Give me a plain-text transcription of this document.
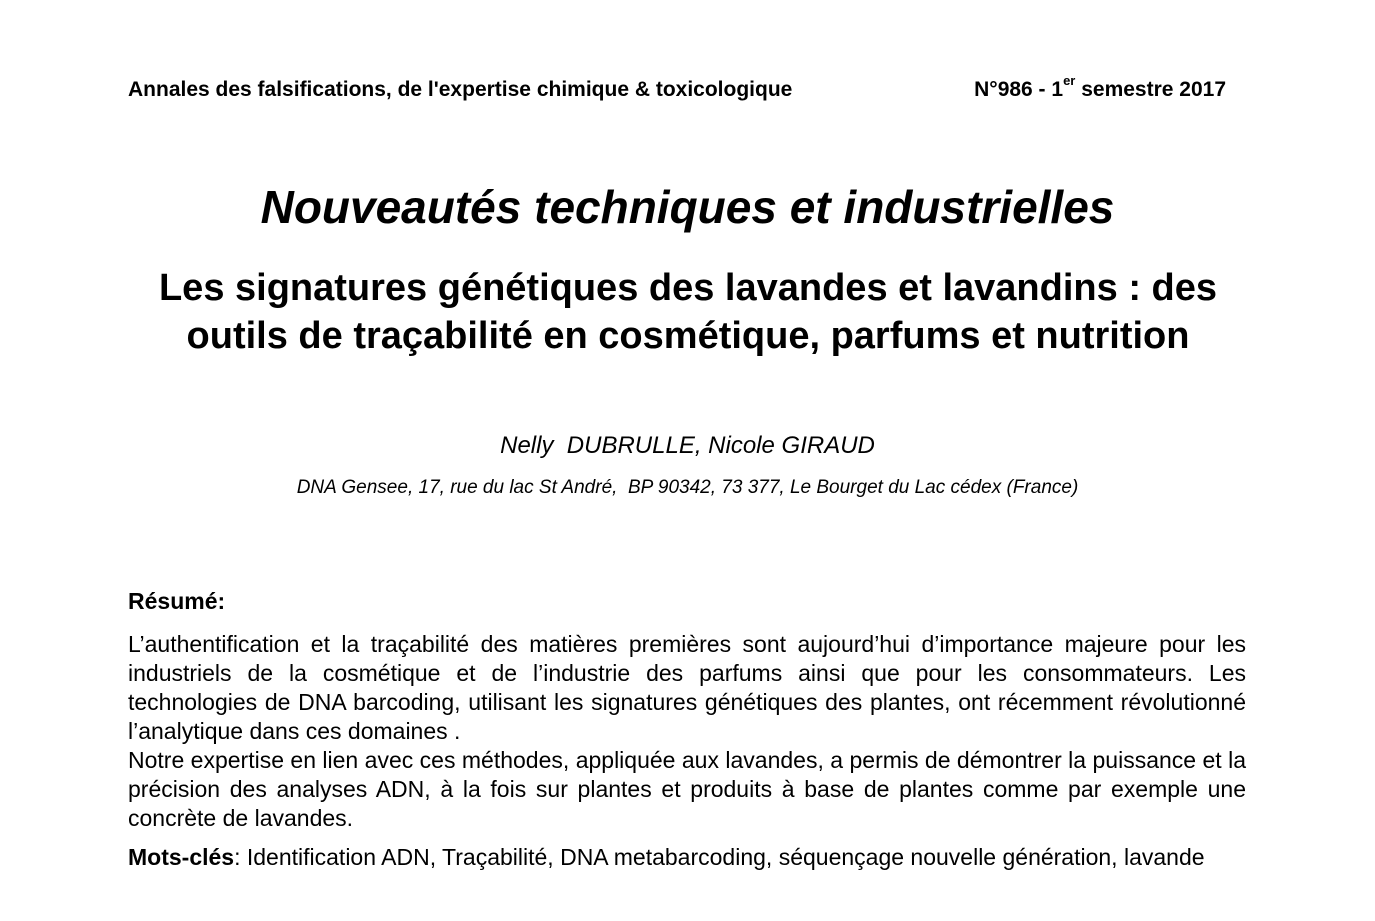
Annales des falsifications, de l'expertise chimique & toxicologique	N°986 - 1er semestre 2017
Nouveautés techniques et industrielles
Les signatures génétiques des lavandes et lavandins : des outils de traçabilité en cosmétique, parfums et nutrition
Nelly  DUBRULLE, Nicole GIRAUD
DNA Gensee, 17, rue du lac St André,  BP 90342, 73 377, Le Bourget du Lac cédex (France)
Résumé:

L’authentification et la traçabilité des matières premières sont aujourd’hui d’importance majeure pour les industriels de la cosmétique et de l’industrie des parfums ainsi que pour les consommateurs. Les technologies de DNA barcoding, utilisant les signatures génétiques des plantes, ont récemment révolutionné l’analytique dans ces domaines .

Notre expertise en lien avec ces méthodes, appliquée aux lavandes, a permis de démontrer la puissance et la précision des analyses ADN, à la fois sur plantes et produits à base de plantes comme par exemple une concrète de lavandes.

Mots-clés: Identification ADN, Traçabilité, DNA metabarcoding, séquençage nouvelle génération, lavande
